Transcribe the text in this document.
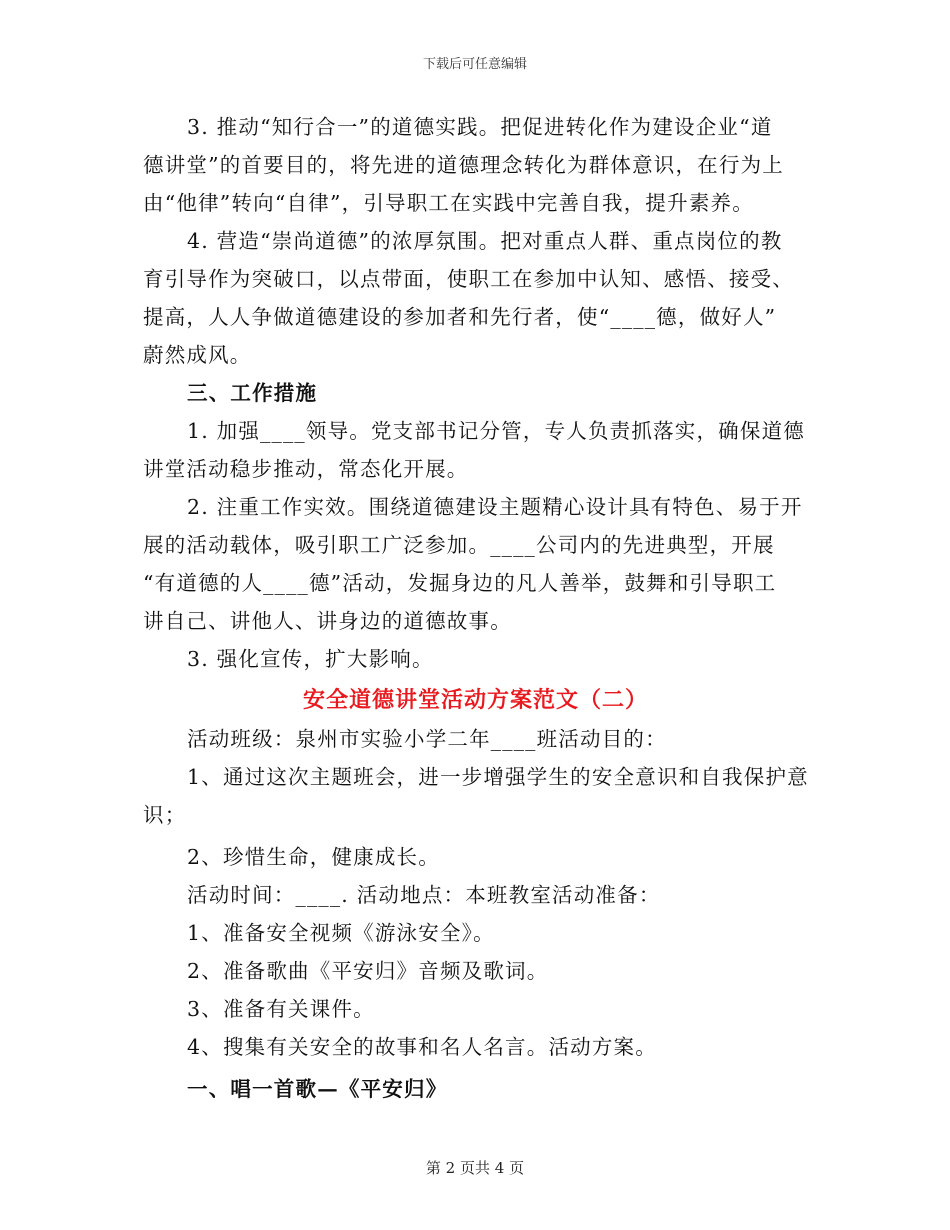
下载后可任意编辑
3. 推动“知行合一”的道德实践。把促进转化作为建设企业“道
德讲堂”的首要目的，将先进的道德理念转化为群体意识，在行为上
由“他律”转向“自律”，引导职工在实践中完善自我，提升素养。
4. 营造“崇尚道德”的浓厚氛围。把对重点人群、重点岗位的教
育引导作为突破口，以点带面，使职工在参加中认知、感悟、接受、
提高，人人争做道德建设的参加者和先行者，使“____德，做好人”
蔚然成风。
三、工作措施
1. 加强____领导。党支部书记分管，专人负责抓落实，确保道德
讲堂活动稳步推动，常态化开展。
2. 注重工作实效。围绕道德建设主题精心设计具有特色、易于开
展的活动载体，吸引职工广泛参加。____公司内的先进典型，开展
“有道德的人____德”活动，发掘身边的凡人善举，鼓舞和引导职工
讲自己、讲他人、讲身边的道德故事。
3. 强化宣传，扩大影响。
安全道德讲堂活动方案范文（二）
活动班级：泉州市实验小学二年____班活动目的：
1、通过这次主题班会，进一步增强学生的安全意识和自我保护意
识；
2、珍惜生命，健康成长。
活动时间：____. 活动地点：本班教室活动准备：
1、准备安全视频《游泳安全》。
2、准备歌曲《平安归》音频及歌词。
3、准备有关课件。
4、搜集有关安全的故事和名人名言。活动方案。
一、唱一首歌—《平安归》
第 2 页共 4 页
